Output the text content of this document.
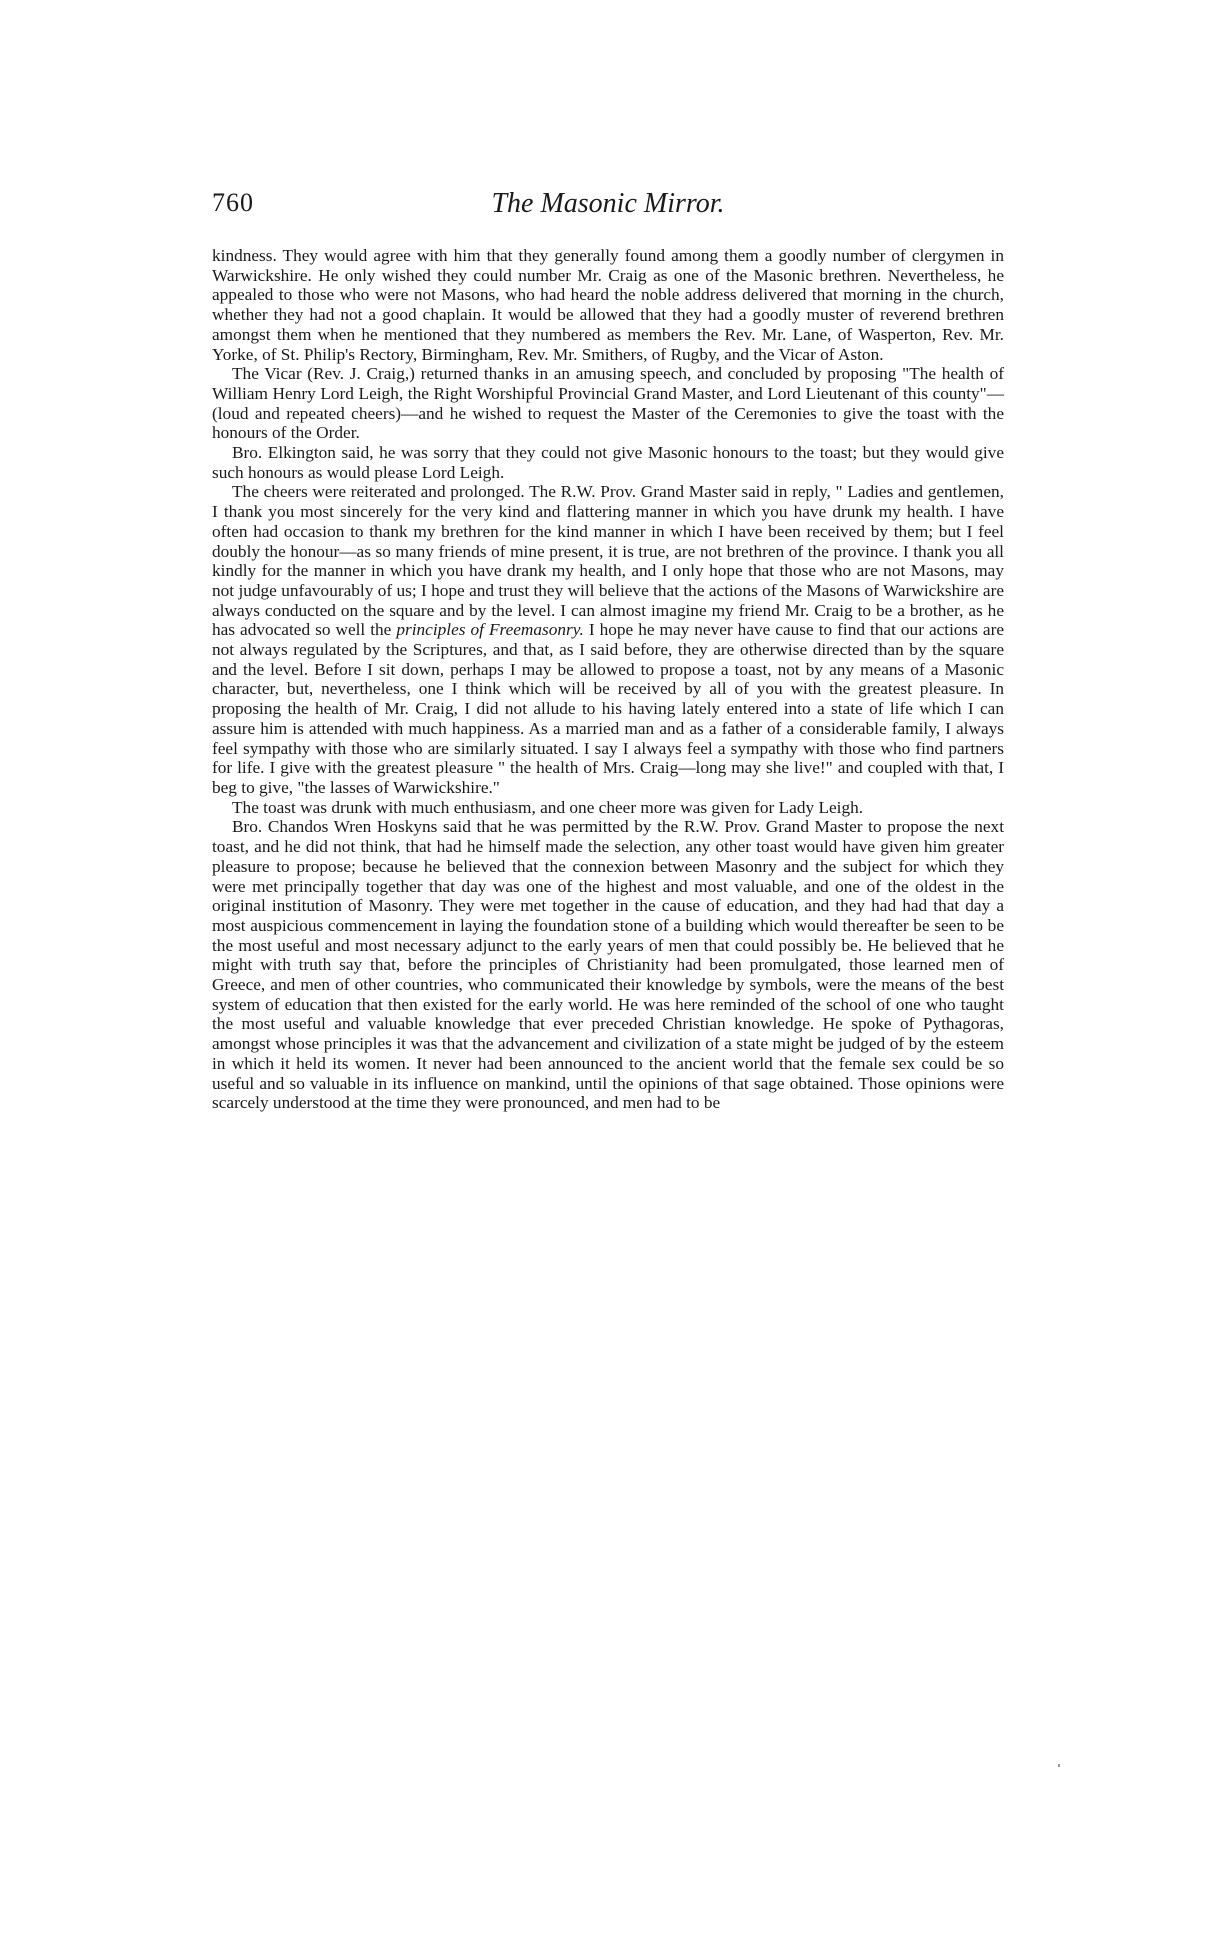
760	The Masonic Mirror.

kindness. They would agree with him that they generally found among them a goodly number of clergymen in Warwickshire. He only wished they could number Mr. Craig as one of the Masonic brethren. Nevertheless, he appealed to those who were not Masons, who had heard the noble address delivered that morning in the church, whether they had not a good chaplain. It would be allowed that they had a goodly muster of reverend brethren amongst them when he mentioned that they numbered as members the Rev. Mr. Lane, of Wasperton, Rev. Mr. Yorke, of St. Philip's Rectory, Birmingham, Rev. Mr. Smithers, of Rugby, and the Vicar of Aston.

The Vicar (Rev. J. Craig,) returned thanks in an amusing speech, and concluded by proposing "The health of William Henry Lord Leigh, the Right Worshipful Provincial Grand Master, and Lord Lieutenant of this county"—(loud and repeated cheers)—and he wished to request the Master of the Ceremonies to give the toast with the honours of the Order.

Bro. Elkington said, he was sorry that they could not give Masonic honours to the toast; but they would give such honours as would please Lord Leigh.

The cheers were reiterated and prolonged. The R.W. Prov. Grand Master said in reply, " Ladies and gentlemen, I thank you most sincerely for the very kind and flattering manner in which you have drunk my health. I have often had occasion to thank my brethren for the kind manner in which I have been received by them; but I feel doubly the honour—as so many friends of mine present, it is true, are not brethren of the province. I thank you all kindly for the manner in which you have drank my health, and I only hope that those who are not Masons, may not judge unfavourably of us; I hope and trust they will believe that the actions of the Masons of Warwickshire are always conducted on the square and by the level. I can almost imagine my friend Mr. Craig to be a brother, as he has advocated so well the principles of Freemasonry. I hope he may never have cause to find that our actions are not always regulated by the Scriptures, and that, as I said before, they are otherwise directed than by the square and the level. Before I sit down, perhaps I may be allowed to propose a toast, not by any means of a Masonic character, but, nevertheless, one I think which will be received by all of you with the greatest pleasure. In proposing the health of Mr. Craig, I did not allude to his having lately entered into a state of life which I can assure him is attended with much happiness. As a married man and as a father of a considerable family, I always feel sympathy with those who are similarly situated. I say I always feel a sympathy with those who find partners for life. I give with the greatest pleasure " the health of Mrs. Craig—long may she live!" and coupled with that, I beg to give, "the lasses of Warwickshire."

The toast was drunk with much enthusiasm, and one cheer more was given for Lady Leigh.

Bro. Chandos Wren Hoskyns said that he was permitted by the R.W. Prov. Grand Master to propose the next toast, and he did not think, that had he himself made the selection, any other toast would have given him greater pleasure to propose; because he believed that the connexion between Masonry and the subject for which they were met principally together that day was one of the highest and most valuable, and one of the oldest in the original institution of Masonry. They were met together in the cause of education, and they had had that day a most auspicious commencement in laying the foundation stone of a building which would thereafter be seen to be the most useful and most necessary adjunct to the early years of men that could possibly be. He believed that he might with truth say that, before the principles of Christianity had been promulgated, those learned men of Greece, and men of other countries, who communicated their knowledge by symbols, were the means of the best system of education that then existed for the early world. He was here reminded of the school of one who taught the most useful and valuable knowledge that ever preceded Christian knowledge. He spoke of Pythagoras, amongst whose principles it was that the advancement and civilization of a state might be judged of by the esteem in which it held its women. It never had been announced to the ancient world that the female sex could be so useful and so valuable in its influence on mankind, until the opinions of that sage obtained. Those opinions were scarcely understood at the time they were pronounced, and men had to be
